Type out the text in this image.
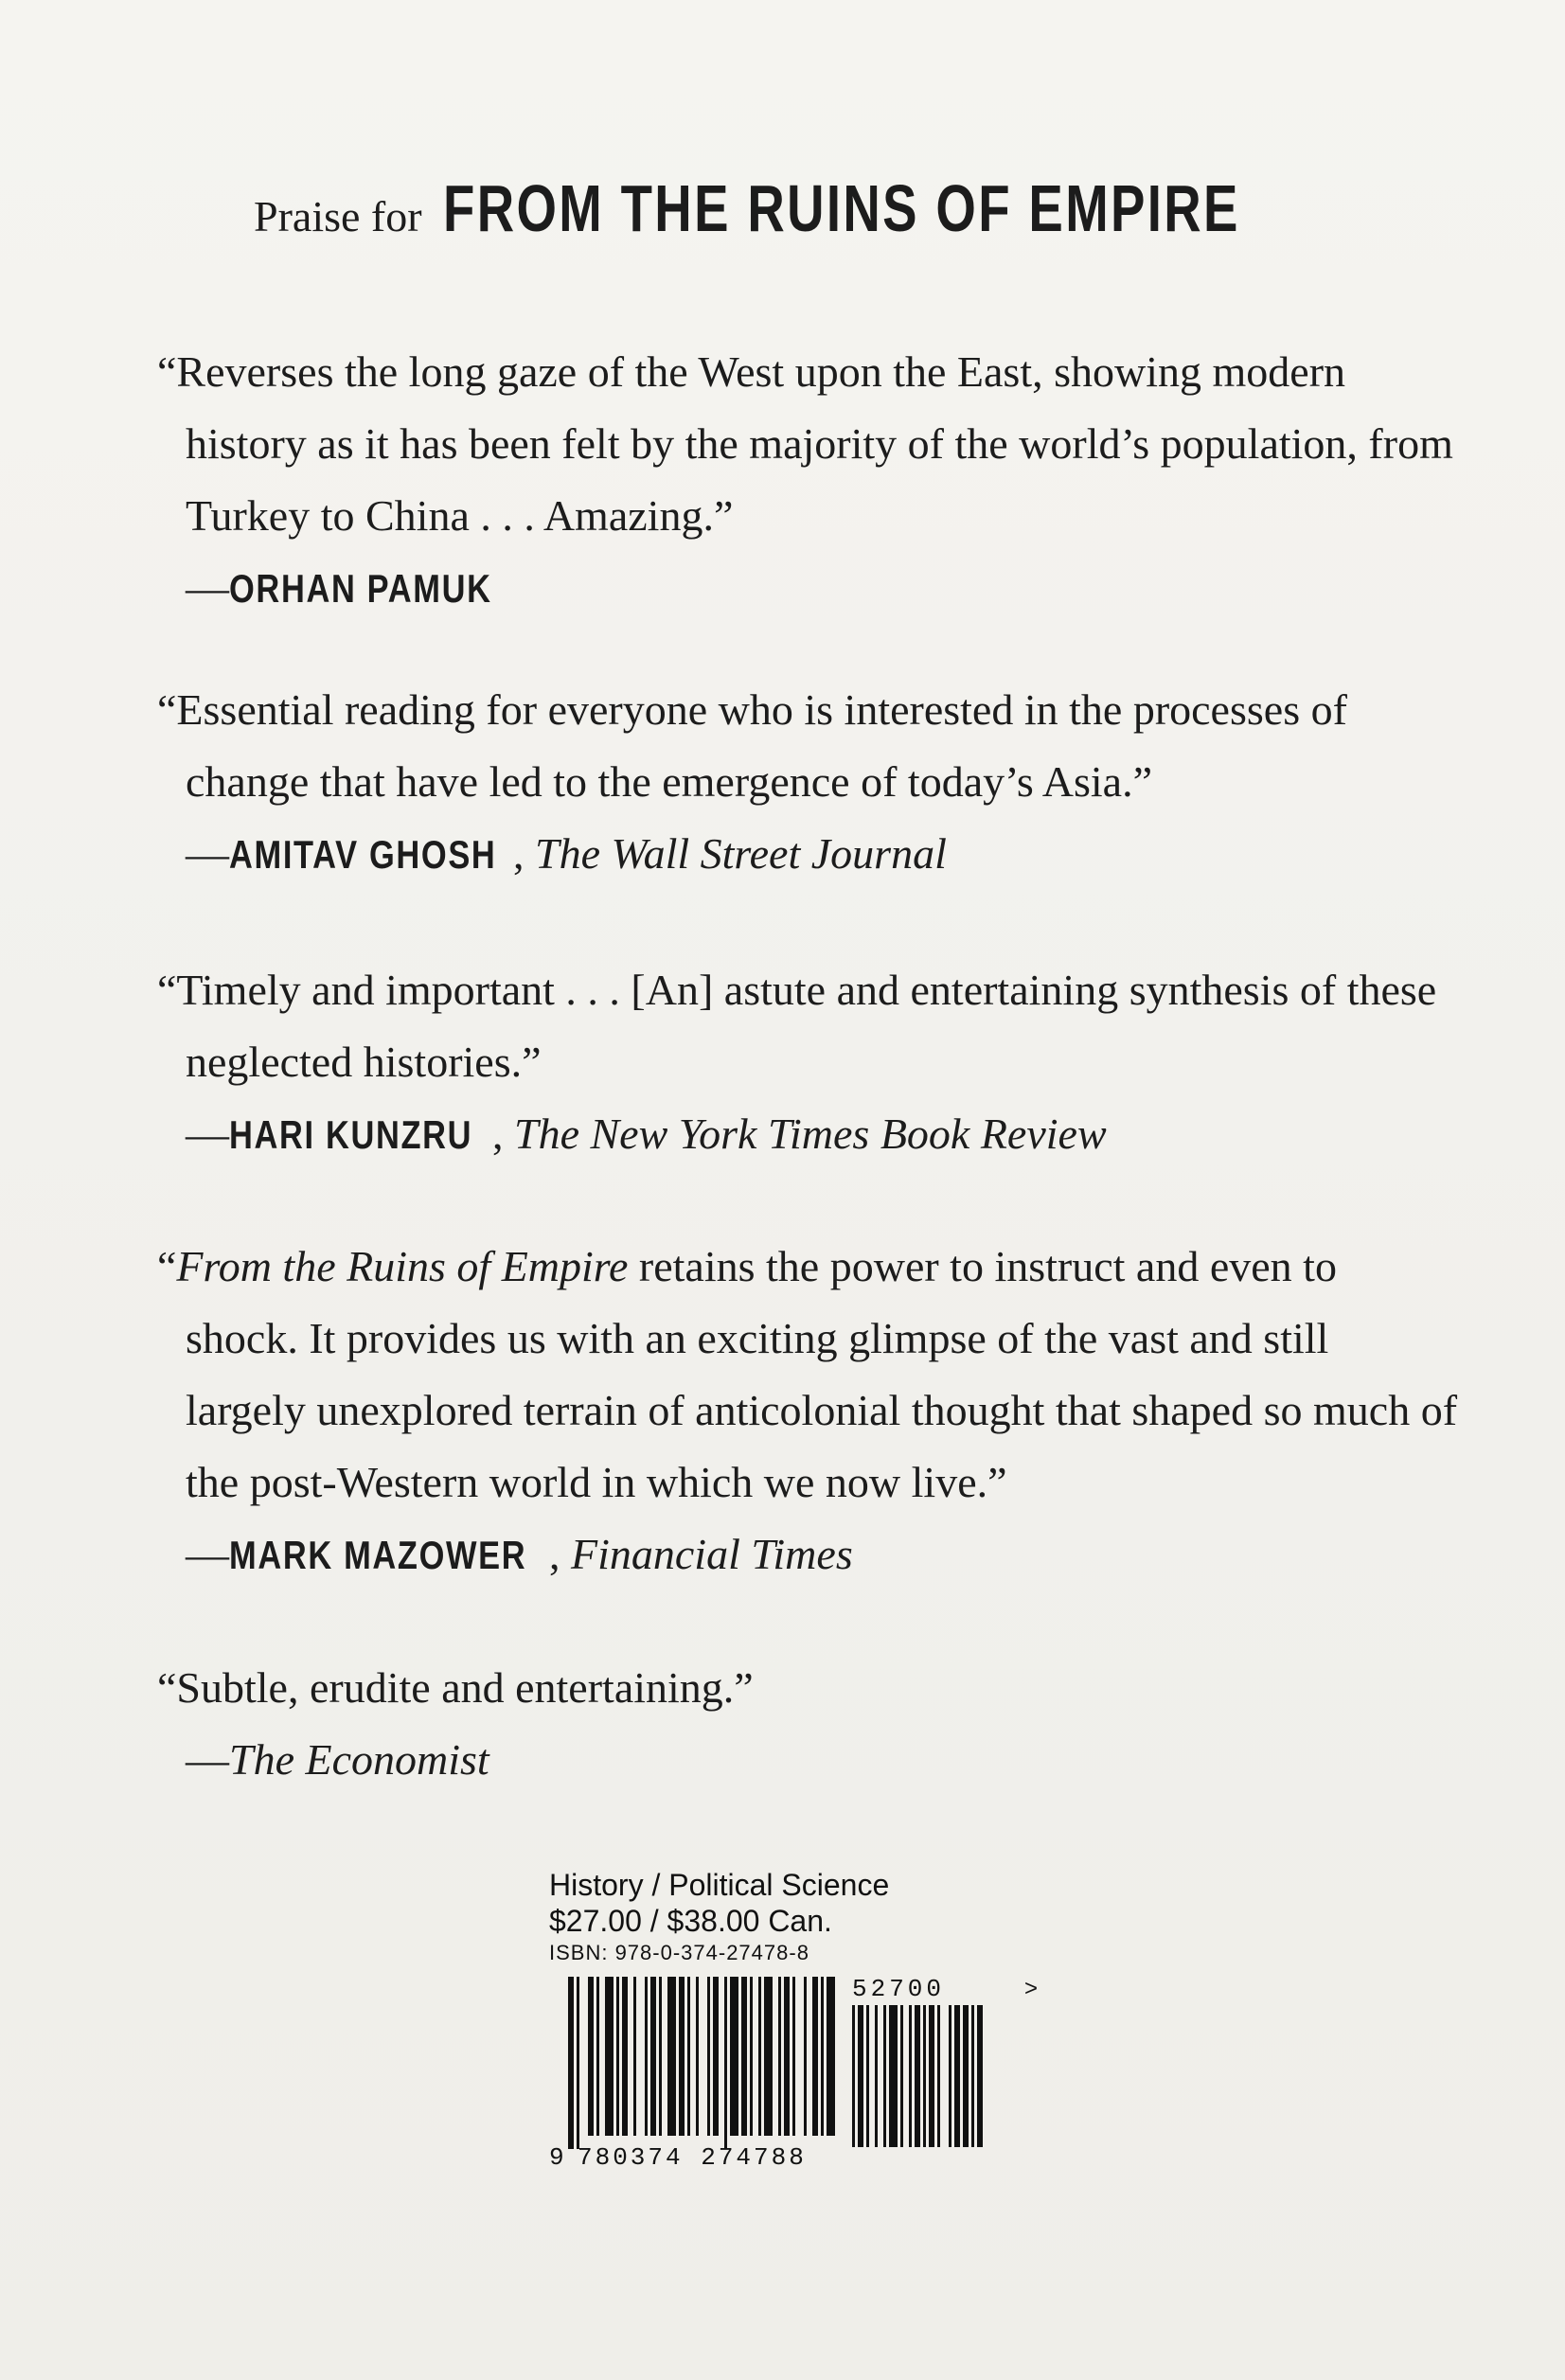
Praise for FROM THE RUINS OF EMPIRE

“Reverses the long gaze of the West upon the East, showing modern history as it has been felt by the majority of the world’s population, from Turkey to China . . . Amazing.”

—ORHAN PAMUK

“Essential reading for everyone who is interested in the processes of change that have led to the emergence of today’s Asia.”

—AMITAV GHOSH , The Wall Street Journal

“Timely and important . . . [An] astute and entertaining synthesis of these neglected histories.”

—HARI KUNZRU , The New York Times Book Review

“From the Ruins of Empire retains the power to instruct and even to shock. It provides us with an exciting glimpse of the vast and still largely unexplored terrain of anticolonial thought that shaped so much of the post-Western world in which we now live.”

—MARK MAZOWER , Financial Times

“Subtle, erudite and entertaining.”

—The Economist

History / Political Science
$27.00 / $38.00 Can.
ISBN: 978-0-374-27478-8
9 780374 274788
52700	>
